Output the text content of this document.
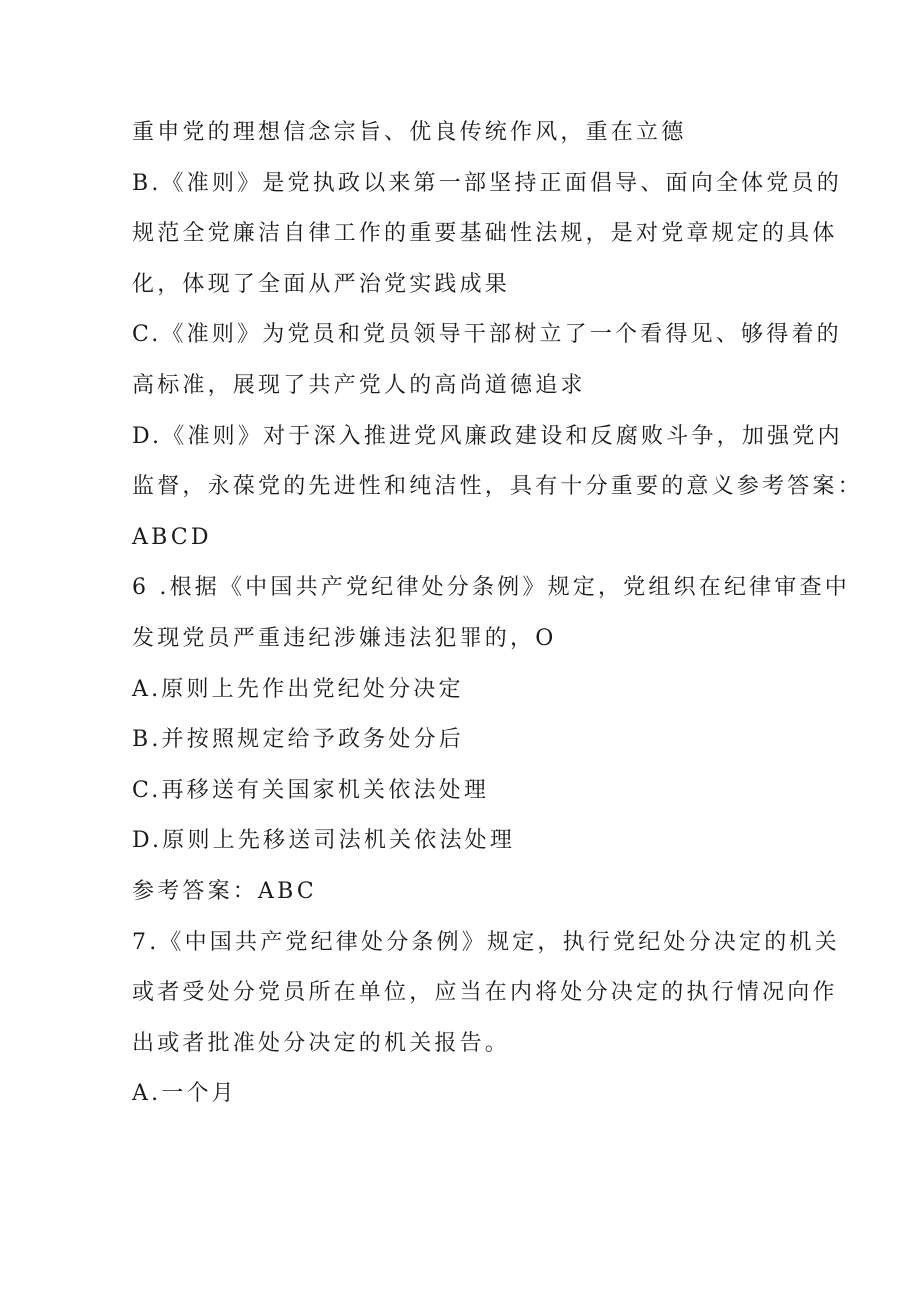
重申党的理想信念宗旨、优良传统作风，重在立德
B.《准则》是党执政以来第一部坚持正面倡导、面向全体党员的
规范全党廉洁自律工作的重要基础性法规，是对党章规定的具体
化，体现了全面从严治党实践成果
C.《准则》为党员和党员领导干部树立了一个看得见、够得着的
高标准，展现了共产党人的高尚道德追求
D.《准则》对于深入推进党风廉政建设和反腐败斗争，加强党内
监督，永葆党的先进性和纯洁性，具有十分重要的意义参考答案：
ABCD
6 .根据《中国共产党纪律处分条例》规定，党组织在纪律审查中
发现党员严重违纪涉嫌违法犯罪的，O
A.原则上先作出党纪处分决定
B.并按照规定给予政务处分后
C.再移送有关国家机关依法处理
D.原则上先移送司法机关依法处理
参考答案：ABC
7.《中国共产党纪律处分条例》规定，执行党纪处分决定的机关
或者受处分党员所在单位，应当在内将处分决定的执行情况向作
出或者批准处分决定的机关报告。
A.一个月
